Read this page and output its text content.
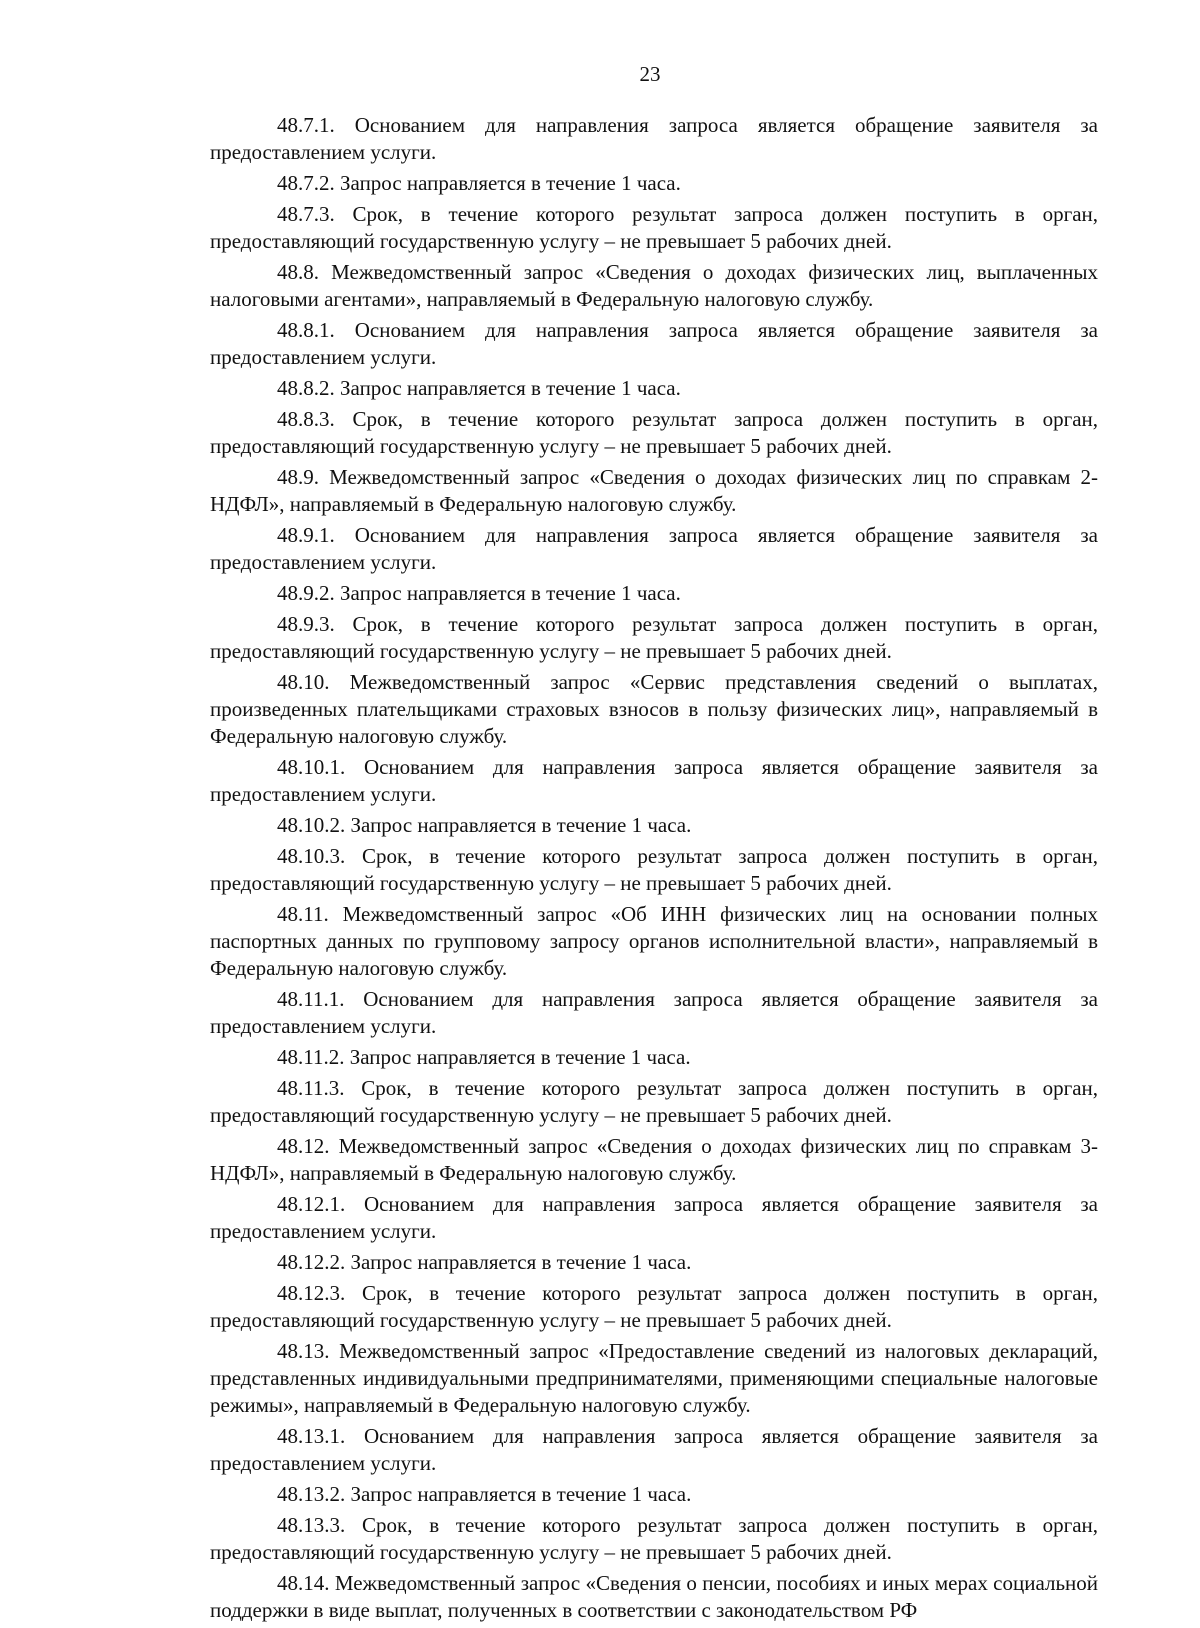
23

48.7.1. Основанием для направления запроса является обращение заявителя за предоставлением услуги.

48.7.2. Запрос направляется в течение 1 часа.

48.7.3. Срок, в течение которого результат запроса должен поступить в орган, предоставляющий государственную услугу – не превышает 5 рабочих дней.

48.8. Межведомственный запрос «Сведения о доходах физических лиц, выплаченных налоговыми агентами», направляемый в Федеральную налоговую службу.

48.8.1. Основанием для направления запроса является обращение заявителя за предоставлением услуги.

48.8.2. Запрос направляется в течение 1 часа.

48.8.3. Срок, в течение которого результат запроса должен поступить в орган, предоставляющий государственную услугу – не превышает 5 рабочих дней.

48.9. Межведомственный запрос «Сведения о доходах физических лиц по справкам 2-НДФЛ», направляемый в Федеральную налоговую службу.

48.9.1. Основанием для направления запроса является обращение заявителя за предоставлением услуги.

48.9.2. Запрос направляется в течение 1 часа.

48.9.3. Срок, в течение которого результат запроса должен поступить в орган, предоставляющий государственную услугу – не превышает 5 рабочих дней.

48.10. Межведомственный запрос «Сервис представления сведений о выплатах, произведенных плательщиками страховых взносов в пользу физических лиц», направляемый в Федеральную налоговую службу.

48.10.1. Основанием для направления запроса является обращение заявителя за предоставлением услуги.

48.10.2. Запрос направляется в течение 1 часа.

48.10.3. Срок, в течение которого результат запроса должен поступить в орган, предоставляющий государственную услугу – не превышает 5 рабочих дней.

48.11. Межведомственный запрос «Об ИНН физических лиц на основании полных паспортных данных по групповому запросу органов исполнительной власти», направляемый в Федеральную налоговую службу.

48.11.1. Основанием для направления запроса является обращение заявителя за предоставлением услуги.

48.11.2. Запрос направляется в течение 1 часа.

48.11.3. Срок, в течение которого результат запроса должен поступить в орган, предоставляющий государственную услугу – не превышает 5 рабочих дней.

48.12. Межведомственный запрос «Сведения о доходах физических лиц по справкам 3-НДФЛ», направляемый в Федеральную налоговую службу.

48.12.1. Основанием для направления запроса является обращение заявителя за предоставлением услуги.

48.12.2. Запрос направляется в течение 1 часа.

48.12.3. Срок, в течение которого результат запроса должен поступить в орган, предоставляющий государственную услугу – не превышает 5 рабочих дней.

48.13. Межведомственный запрос «Предоставление сведений из налоговых деклараций, представленных индивидуальными предпринимателями, применяющими специальные налоговые режимы», направляемый в Федеральную налоговую службу.

48.13.1. Основанием для направления запроса является обращение заявителя за предоставлением услуги.

48.13.2. Запрос направляется в течение 1 часа.

48.13.3. Срок, в течение которого результат запроса должен поступить в орган, предоставляющий государственную услугу – не превышает 5 рабочих дней.

48.14. Межведомственный запрос «Сведения о пенсии, пособиях и иных мерах социальной поддержки в виде выплат, полученных в соответствии с законодательством РФ
